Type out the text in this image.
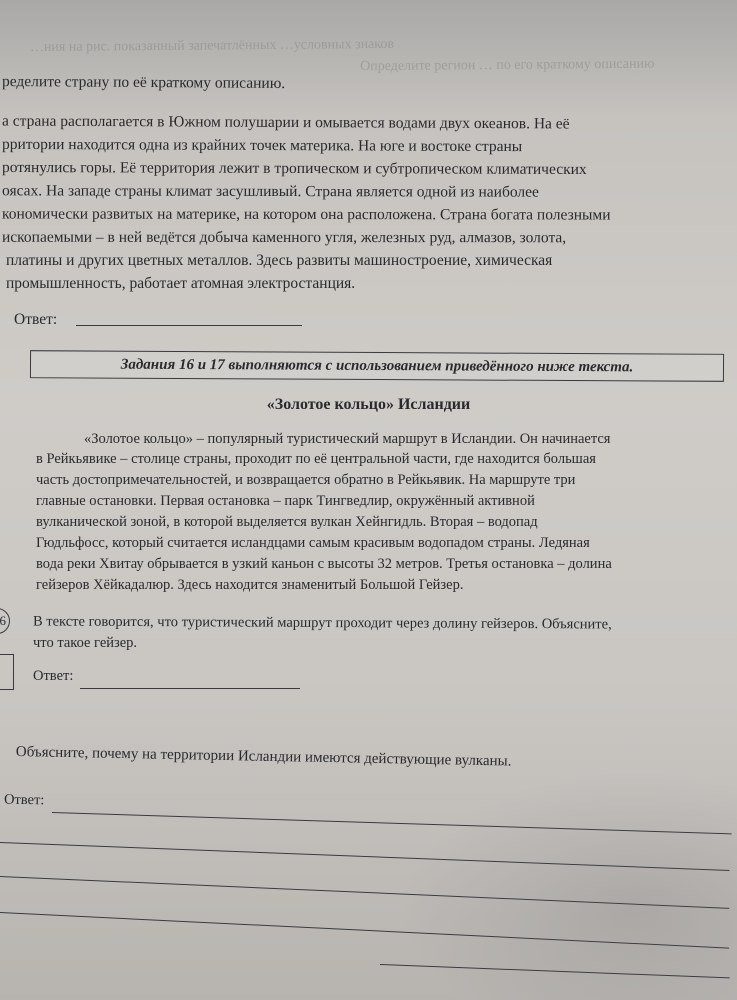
…ния на рис. показанный запечатлённых …условных знаков
Определите регион … по его краткому описанию
ределите страну по её краткому описанию.
а страна располагается в Южном полушарии и омывается водами двух океанов. На её
рритории находится одна из крайних точек материка. На юге и востоке страны
ротянулись горы. Её территория лежит в тропическом и субтропическом климатических
оясах. На западе страны климат засушливый. Страна является одной из наиболее
кономически развитых на материке, на котором она расположена. Страна богата полезными
ископаемыми – в ней ведётся добыча каменного угля, железных руд, алмазов, золота,
платины и других цветных металлов. Здесь развиты машиностроение, химическая
промышленность, работает атомная электростанция.
Ответ:
Задания 16 и 17 выполняются с использованием приведённого ниже текста.
«Золотое кольцо» Исландии
«Золотое кольцо» – популярный туристический маршрут в Исландии. Он начинается
в Рейкьявике – столице страны, проходит по её центральной части, где находится большая
часть достопримечательностей, и возвращается обратно в Рейкьявик. На маршруте три
главные остановки. Первая остановка – парк Тингведлир, окружённый активной
вулканической зоной, в которой выделяется вулкан Хейнгидль. Вторая – водопад
Гюдльфосс, который считается исландцами самым красивым водопадом страны. Ледяная
вода реки Хвитау обрывается в узкий каньон с высоты 32 метров. Третья остановка – долина
гейзеров Хёйкадалюр. Здесь находится знаменитый Большой Гейзер.
6 В тексте говорится, что туристический маршрут проходит через долину гейзеров. Объясните,
что такое гейзер.
Ответ:
Объясните, почему на территории Исландии имеются действующие вулканы.
Ответ:
